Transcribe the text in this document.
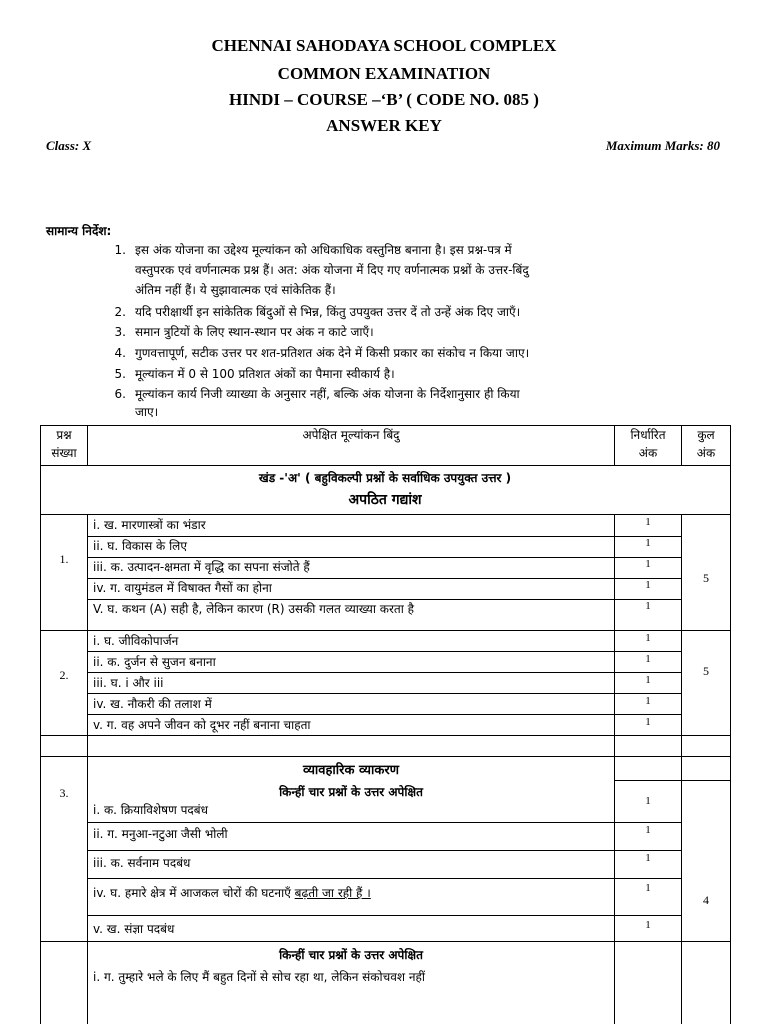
CHENNAI SAHODAYA SCHOOL COMPLEX
COMMON EXAMINATION
HINDI – COURSE –‘B’ ( CODE NO. 085 )
ANSWER KEY
Class: X	Maximum Marks: 80
सामान्य निर्देश:
1. इस अंक योजना का उद्देश्य मूल्यांकन को अधिकाधिक वस्तुनिष्ठ बनाना है। इस प्रश्न-पत्र में
वस्तुपरक एवं वर्णनात्मक प्रश्न हैं। अत: अंक योजना में दिए गए वर्णनात्मक प्रश्नों के उत्तर-बिंदु
अंतिम नहीं हैं। ये सुझावात्मक एवं सांकेतिक हैं।
2. यदि परीक्षार्थी इन सांकेतिक बिंदुओं से भिन्न, किंतु उपयुक्त उत्तर दें तो उन्हें अंक दिए जाएँ।
3. समान त्रुटियों के लिए स्थान-स्थान पर अंक न काटे जाएँ।
4. गुणवत्तापूर्ण, सटीक उत्तर पर शत-प्रतिशत अंक देने में किसी प्रकार का संकोच न किया जाए।
5. मूल्यांकन में 0 से 100 प्रतिशत अंकों का पैमाना स्वीकार्य है।
6. मूल्यांकन कार्य निजी व्याख्या के अनुसार नहीं, बल्कि अंक योजना के निर्देशानुसार ही किया
जाए।
प्रश्न
संख्या
अपेक्षित मूल्यांकन बिंदु	निर्धारित
अंक
कुल
अंक
खंड -'अ' ( बहुविकल्पी प्रश्नों के सर्वाधिक उपयुक्त उत्तर )
अपठित गद्यांश
1.
i. ख. मारणास्त्रों का भंडार
ii. घ. विकास के लिए
iii. क. उत्पादन-क्षमता में वृद्धि का सपना संजोते हैं
iv. ग. वायुमंडल में विषाक्त गैसों का होना
V. घ. कथन (A) सही है, लेकिन कारण (R) उसकी गलत व्याख्या करता है
1
1
1
1
1
5
2.
i. घ. जीविकोपार्जन
ii. क. दुर्जन से सुजन बनाना
iii. घ. i और iii
iv. ख. नौकरी की तलाश में
v. ग. वह अपने जीवन को दूभर नहीं बनाना चाहता
1
1
1
1
1
5
3.
व्यावहारिक व्याकरण
किन्हीं चार प्रश्नों के उत्तर अपेक्षित
i. क. क्रियाविशेषण पदबंध
ii. ग. मनुआ-नटुआ जैसी भोली
iii. क. सर्वनाम पदबंध
iv. घ. हमारे क्षेत्र में आजकल चोरों की घटनाएँ बढ़ती जा रही हैं ।
v. ख. संज्ञा पदबंध
1
1
1
1
1
4
किन्हीं चार प्रश्नों के उत्तर अपेक्षित
i. ग. तुम्हारे भले के लिए मैं बहुत दिनों से सोच रहा था, लेकिन संकोचवश नहीं
